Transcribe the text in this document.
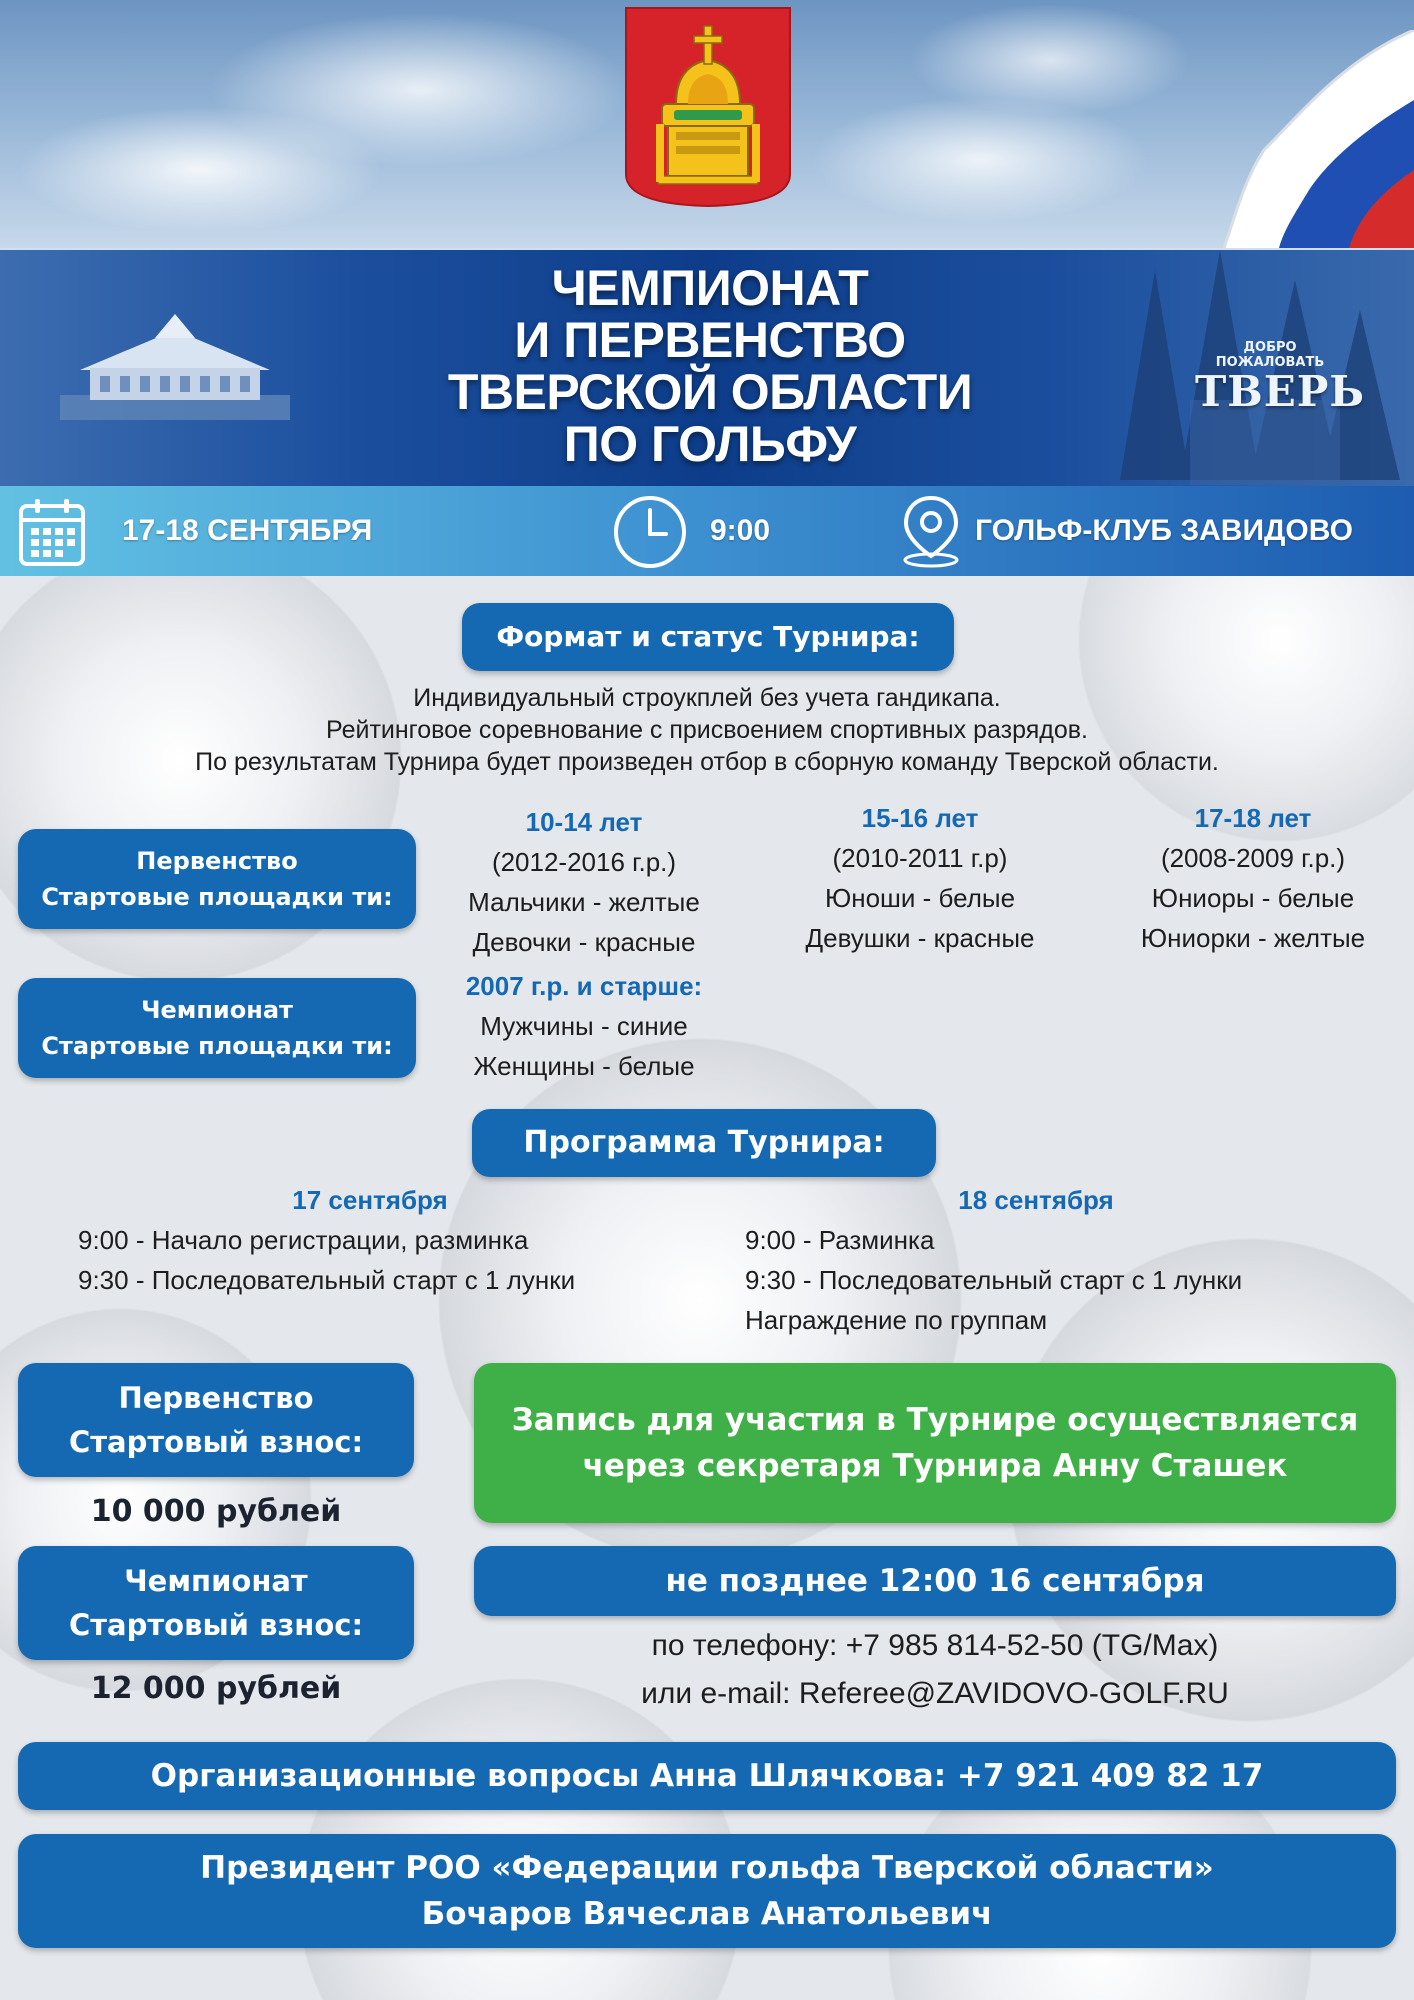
ЧЕМПИОНАТ
И ПЕРВЕНСТВО
ТВЕРСКОЙ ОБЛАСТИ
ПО ГОЛЬФУ
ДОБРО
ПОЖАЛОВАТЬ
ТВЕРЬ
17-18 СЕНТЯБРЯ	9:00	ГОЛЬФ-КЛУБ ЗАВИДОВО
Формат и статус Турнира:
Индивидуальный строукплей без учета гандикапа.
Рейтинговое соревнование с присвоением спортивных разрядов.
По результатам Турнира будет произведен отбор в сборную команду Тверской области.
Первенство
Стартовые площадки ти:
Чемпионат
Стартовые площадки ти:
10-14 лет
(2012-2016 г.р.)
Мальчики - желтые
Девочки - красные
15-16 лет
(2010-2011 г.р)
Юноши - белые
Девушки - красные
17-18 лет
(2008-2009 г.р.)
Юниоры - белые
Юниорки - желтые
2007 г.р. и старше:
Мужчины - синие
Женщины - белые
Программа Турнира:
17 сентября
9:00 - Начало регистрации, разминка
9:30 - Последовательный старт с 1 лунки
18 сентября
9:00 - Разминка
9:30 - Последовательный старт с 1 лунки
Награждение по группам
Первенство
Стартовый взнос:
10 000 рублей
Чемпионат
Стартовый взнос:
12 000 рублей
Запись для участия в Турнире осуществляется
через секретаря Турнира Анну Сташек
не позднее 12:00 16 сентября
по телефону: +7 985 814-52-50 (TG/Max)
или e-mail: Referee@ZAVIDOVO-GOLF.RU
Организационные вопросы Анна Шлячкова: +7 921 409 82 17
Президент РОО «Федерации гольфа Тверской области»
Бочаров Вячеслав Анатольевич
